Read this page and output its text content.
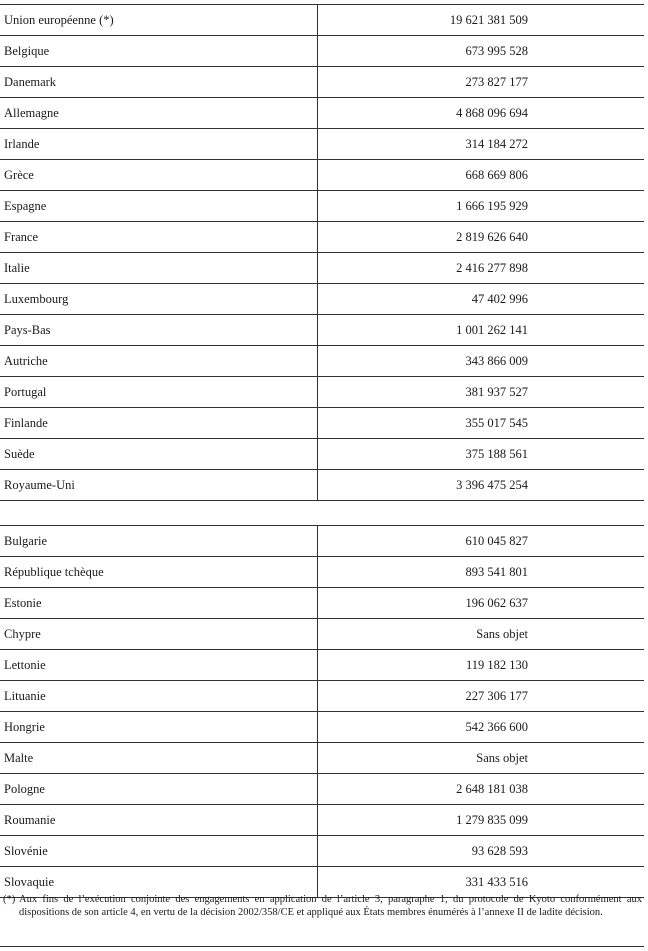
Union européenne (*)	19 621 381 509
Belgique	673 995 528
Danemark	273 827 177
Allemagne	4 868 096 694
Irlande	314 184 272
Grèce	668 669 806
Espagne	1 666 195 929
France	2 819 626 640
Italie	2 416 277 898
Luxembourg	47 402 996
Pays-Bas	1 001 262 141
Autriche	343 866 009
Portugal	381 937 527
Finlande	355 017 545
Suède	375 188 561
Royaume-Uni	3 396 475 254
Bulgarie	610 045 827
République tchèque	893 541 801
Estonie	196 062 637
Chypre	Sans objet
Lettonie	119 182 130
Lituanie	227 306 177
Hongrie	542 366 600
Malte	Sans objet
Pologne	2 648 181 038
Roumanie	1 279 835 099
Slovénie	93 628 593
Slovaquie	331 433 516
(*) Aux fins de l’exécution conjointe des engagements en application de l’article 3, paragraphe 1, du protocole de Kyoto conformément aux dispositions de son article 4, en vertu de la décision 2002/358/CE et appliqué aux États membres énumérés à l’annexe II de ladite décision.
